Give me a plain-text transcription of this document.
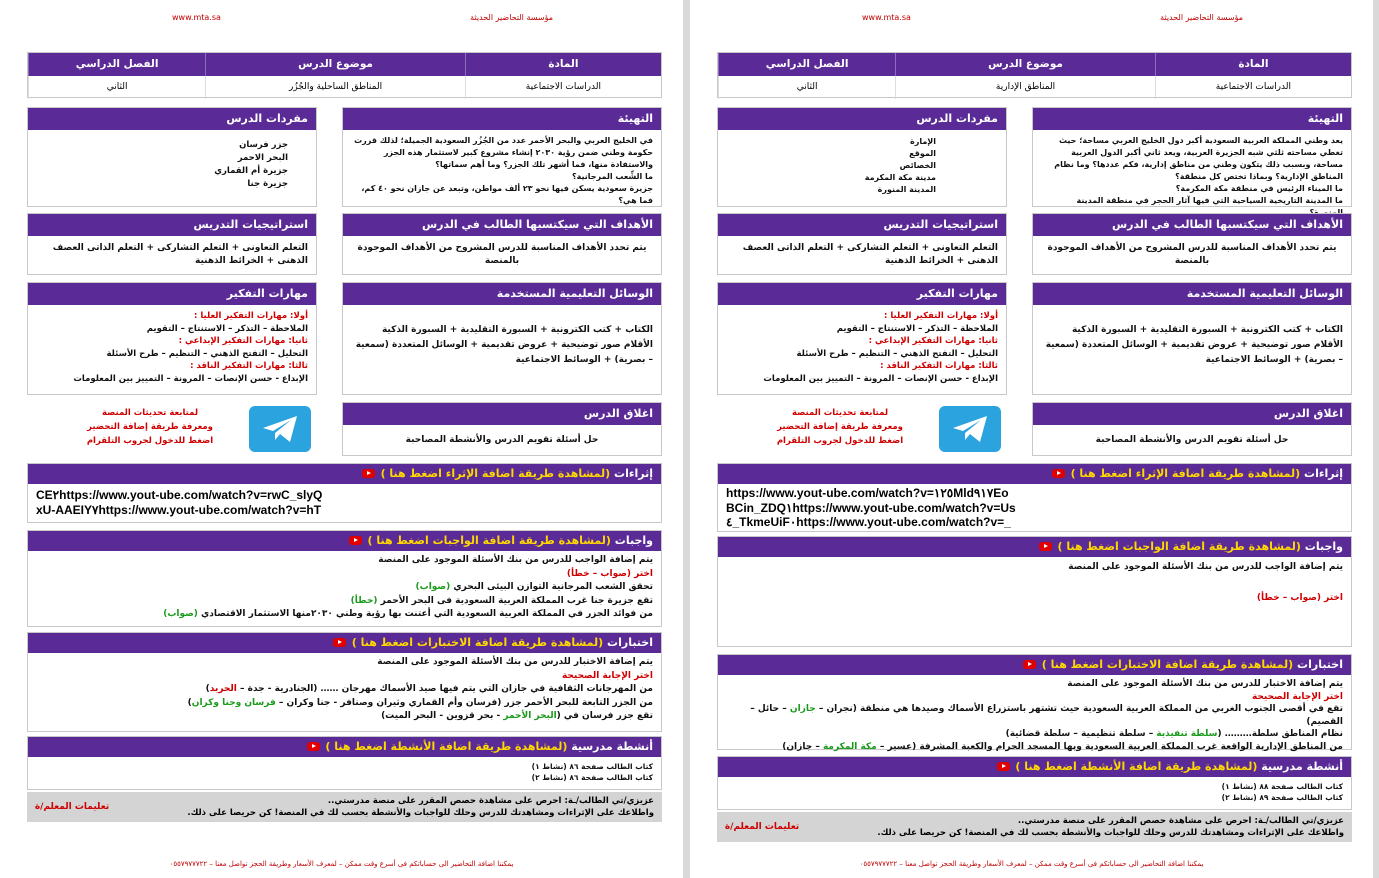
مؤسسة التحاضير الحديثة
www.mta.sa
المادة
موضوع الدرس
الفصل الدراسي
الدراسات الاجتماعية
المناطق الساحلية والجُزُر
الثاني
التهيئة
في الخليج العربي والبحر الأحمر عدد من الجُزُر السعودية الجميلة؛ لذلك قررت حكومة وطني ضمن رؤية ٢٠٣٠ إنشاء مشروع كبير لاستثمار هذه الجزر والاستفادة منها، فما أشهر تلك الجزر؟ وما أهم سماتها؟
ما الشِّعب المرجانية؟
جزيرة سعودية يسكن فيها نحو ٢٣ ألف مواطن، وتبعد عن جازان نحو ٤٠ كم، فما هي؟
مفردات الدرس
جزر فرسان
البحر الاحمر
جزيرة أم القماري
جزيرة جنا
الأهداف التي سيكتسبها الطالب في الدرس
يتم تحدد الأهداف المناسبة للدرس المشروح من الأهداف الموجودة بالمنصة
استراتيجيات التدريس
التعلم التعاونى + التعلم التشاركى + التعلم الذاتى العصف الذهنى + الخرائط الذهنية
الوسائل التعليمية المستخدمة
الكتاب + كتب الكترونية + السبورة التقليدية + السبورة الذكية الأقلام صور توضيحية + عروض تقديمية + الوسائل المتعددة (سمعية – بصرية) + الوسائط الاجتماعية
مهارات التفكير
أولا: مهارات التفكير العليا :
الملاحظة – التذكر – الاستنتاج – التقويم
ثانيا: مهارات التفكير الإبداعي :
التحليل – التفتح الذهني – التنظيم – طرح الأسئلة
ثالثا: مهارات التفكير الناقد :
الإبداع - حسن الإنصات – المرونة – التمييز بين المعلومات
اغلاق الدرس
حل أسئلة تقويم الدرس والأنشطة المصاحبة
لمتابعة تحديثات المنصة
ومعرفة طريقة إضافة التحضير
اضغط للدخول لجروب التلقرام
إثراءات (لمشاهدة طريقة اضافة الإثراء اضغط هنا )
CE٢https://www.yout-ube.com/watch?v=rwC_slyQ
xU-AAEIY٧https://www.yout-ube.com/watch?v=hT
واجبات (لمشاهدة طريقة اضافة الواجبات اضغط هنا )
يتم إضافة الواجب للدرس من بنك الأسئلة الموجود على المنصة
اختر (صواب – خطأ)
تحقق الشعب المرجانية التوازن البيئى البحري (صواب)
تقع جزيرة جنا غرب المملكة العربية السعودية فى البحر الأحمر (خطأ)
من فوائد الجزر في المملكة العربية السعودية التي أعتنت بها رؤية وطني ٢٠٣٠منها الاستثمار الاقتصادي (صواب)
اختبارات (لمشاهدة طريقة اضافة الاختبارات اضغط هنا )
يتم إضافة الاختبار للدرس من بنك الأسئلة الموجود على المنصة
اختر الإجابة الصحيحة
من المهرجانات الثقافية في جازان التي يتم فيها صيد الأسماك مهرجان …… (الجنادرية - جدة – الحريد)
من الجزر التابعة للبحر الأحمر جزر (فرسان وأم القماري وثيران وصنافر - جنا وكران – فرسان وجنا وكران)
تقع جزر فرسان في (البحر الأحمر - بحر قزوين - البحر الميت)
أنشطة مدرسية (لمشاهدة طريقة اضافة الأنشطة اضغط هنا )
كتاب الطالب صفحة ٨٦ (نشاط ١)
كتاب الطالب صفحة ٨٦ (نشاط ٢)
تعليمات المعلم/ة
عزيزي/تي الطالب/ـة: احرص على مشاهدة حصص المقرر على منصة مدرستي..
واطلاعك على الإثراءات ومشاهدتك للدرس وحلك للواجبات والأنشطة بحسب لك في المنصة! كن حريصا على ذلك.
يمكننا اضافة التحاضير الى حساباتكم فى أسرع وقت ممكن – لمعرف الأسعار وطريقة الحجز تواصل معنا – ٠٥٥٧٩٧٧٧٢٢
مؤسسة التحاضير الحديثة
www.mta.sa
المادة
موضوع الدرس
الفصل الدراسي
الدراسات الاجتماعية
المناطق الإدارية
الثاني
التهيئة
يعد وطني المملكة العربية السعودية أكبر دول الخليج العربي مساحة؛ حيث تغطي مساحته ثلثي شبه الجزيرة العربية، ويعد ثاني أكبر الدول العربية مساحة، وبسبب ذلك يتكون وطني من مناطق إدارية، فكم عددها؟ وما نظام المناطق الإدارية؟ وبماذا تختص كل منطقة؟
ما الميناء الرئيس في منطقة مكة المكرمة؟
ما المدينة التاريخية السياحية التي فيها آثار الحجر في منطقة المدينة
مفردات الدرس
الإمارة
الموقع
الخصائص
مدينة مكة المكرمة
المدينة المنورة
الأهداف التي سيكتسبها الطالب في الدرس
يتم تحدد الأهداف المناسبة للدرس المشروح من الأهداف الموجودة بالمنصة
استراتيجيات التدريس
التعلم التعاونى + التعلم التشاركى + التعلم الذاتى العصف الذهنى + الخرائط الذهنية
الوسائل التعليمية المستخدمة
الكتاب + كتب الكترونية + السبورة التقليدية + السبورة الذكية الأقلام صور توضيحية + عروض تقديمية + الوسائل المتعددة (سمعية – بصرية) + الوسائط الاجتماعية
مهارات التفكير
أولا: مهارات التفكير العليا :
الملاحظة – التذكر – الاستنتاج – التقويم
ثانيا: مهارات التفكير الإبداعي :
التحليل – التفتح الذهني – التنظيم – طرح الأسئلة
ثالثا: مهارات التفكير الناقد :
الإبداع - حسن الإنصات – المرونة – التمييز بين المعلومات
اغلاق الدرس
حل أسئلة تقويم الدرس والأنشطة المصاحبة
لمتابعة تحديثات المنصة
ومعرفة طريقة إضافة التحضير
اضغط للدخول لجروب التلقرام
إثراءات (لمشاهدة طريقة اضافة الإثراء اضغط هنا )
https://www.yout-ube.com/watch?v=١٢٥Mld٩١٧Eo
BCin_ZDQ١https://www.yout-ube.com/watch?v=Us
٤_TkmeUiF٠https://www.yout-ube.com/watch?v=_
واجبات (لمشاهدة طريقة اضافة الواجبات اضغط هنا )
يتم إضافة الواجب للدرس من بنك الأسئلة الموجود على المنصة
اختر (صواب – خطأ)
اختبارات (لمشاهدة طريقة اضافة الاختبارات اضغط هنا )
يتم إضافة الاختبار للدرس من بنك الأسئلة الموجود على المنصة
اختر الإجابة الصحيحة
تقع في أقصى الجنوب الغربي من المملكة العربية السعودية حيث تشتهر باستزراع الأسماك وصيدها هي منطقة (نجران – جازان – حائل – القصيم)
نظام المناطق سلطة……… (سلطة تنفيذية – سلطة تنظيمية – سلطة قضائية)
من المناطق الإدارية الواقعة غرب المملكة العربية السعودية وبها المسجد الحرام والكعبة المشرفة (عسير – مكة المكرمة – جازان)
أنشطة مدرسية (لمشاهدة طريقة اضافة الأنشطة اضغط هنا )
كتاب الطالب صفحة ٨٨ (نشاط ١)
كتاب الطالب صفحة ٨٩ (نشاط ٢)
تعليمات المعلم/ة
عزيزي/تي الطالب/ـة: احرص على مشاهدة حصص المقرر على منصة مدرستي..
واطلاعك على الإثراءات ومشاهدتك للدرس وحلك للواجبات والأنشطة بحسب لك في المنصة! كن حريصا على ذلك.
يمكننا اضافة التحاضير الى حساباتكم فى أسرع وقت ممكن – لمعرف الأسعار وطريقة الحجز تواصل معنا – ٠٥٥٧٩٧٧٧٢٢
